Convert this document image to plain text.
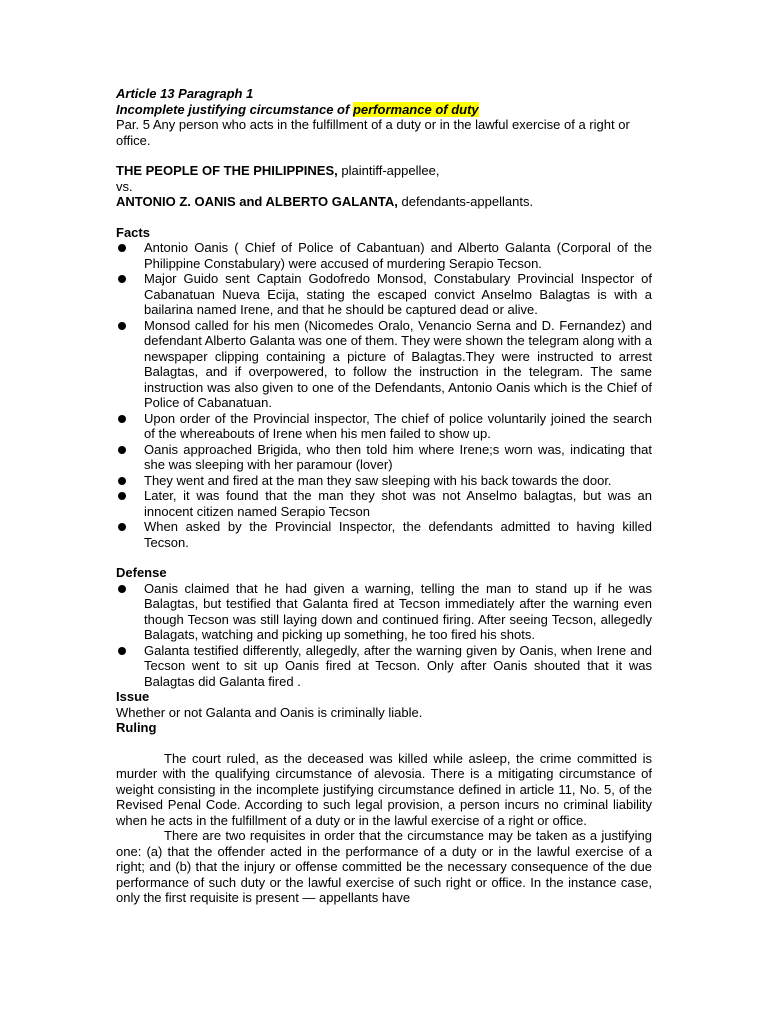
Article 13 Paragraph 1

Incomplete justifying circumstance of performance of duty

Par. 5 Any person who acts in the fulfillment of a duty or in the lawful exercise of a right or office.

THE PEOPLE OF THE PHILIPPINES, plaintiff-appellee,

vs.

ANTONIO Z. OANIS and ALBERTO GALANTA, defendants-appellants.

Facts

Antonio Oanis ( Chief of Police of Cabantuan) and Alberto Galanta (Corporal of the Philippine Constabulary) were accused of murdering Serapio Tecson.
Major Guido sent Captain Godofredo Monsod, Constabulary Provincial Inspector of Cabanatuan Nueva Ecija, stating the escaped convict Anselmo Balagtas is with a bailarina named Irene, and that he should be captured dead or alive.
Monsod called for his men (Nicomedes Oralo, Venancio Serna and D. Fernandez) and defendant Alberto Galanta was one of them. They were shown the telegram along with a newspaper clipping containing a picture of Balagtas.They were instructed to arrest Balagtas, and if overpowered, to follow the instruction in the telegram. The same instruction was also given to one of the Defendants, Antonio Oanis which is the Chief of Police of Cabanatuan.
Upon order of the Provincial inspector, The chief of police voluntarily joined the search of the whereabouts of Irene when his men failed to show up.
Oanis approached Brigida, who then told him where Irene;s worn was, indicating that she was sleeping with her paramour (lover)
They went and fired at the man they saw sleeping with his back towards the door.
Later, it was found that the man they shot was not Anselmo balagtas, but was an innocent citizen named Serapio Tecson
When asked by the Provincial Inspector, the defendants admitted to having killed Tecson.

Defense

Oanis claimed that he had given a warning, telling the man to stand up if he was Balagtas, but testified that Galanta fired at Tecson immediately after the warning even though Tecson was still laying down and continued firing. After seeing Tecson, allegedly Balagats, watching and picking up something, he too fired his shots.
Galanta testified differently, allegedly, after the warning given by Oanis, when Irene and Tecson went to sit up Oanis fired at Tecson. Only after Oanis shouted that it was Balagtas did Galanta fired .

Issue

Whether or not Galanta and Oanis is criminally liable.

Ruling

The court ruled, as the deceased was killed while asleep, the crime committed is murder with the qualifying circumstance of alevosia. There is a mitigating circumstance of weight consisting in the incomplete justifying circumstance defined in article 11, No. 5, of the Revised Penal Code. According to such legal provision, a person incurs no criminal liability when he acts in the fulfillment of a duty or in the lawful exercise of a right or office.

There are two requisites in order that the circumstance may be taken as a justifying one: (a) that the offender acted in the performance of a duty or in the lawful exercise of a right; and (b) that the injury or offense committed be the necessary consequence of the due performance of such duty or the lawful exercise of such right or office. In the instance case, only the first requisite is present — appellants have
